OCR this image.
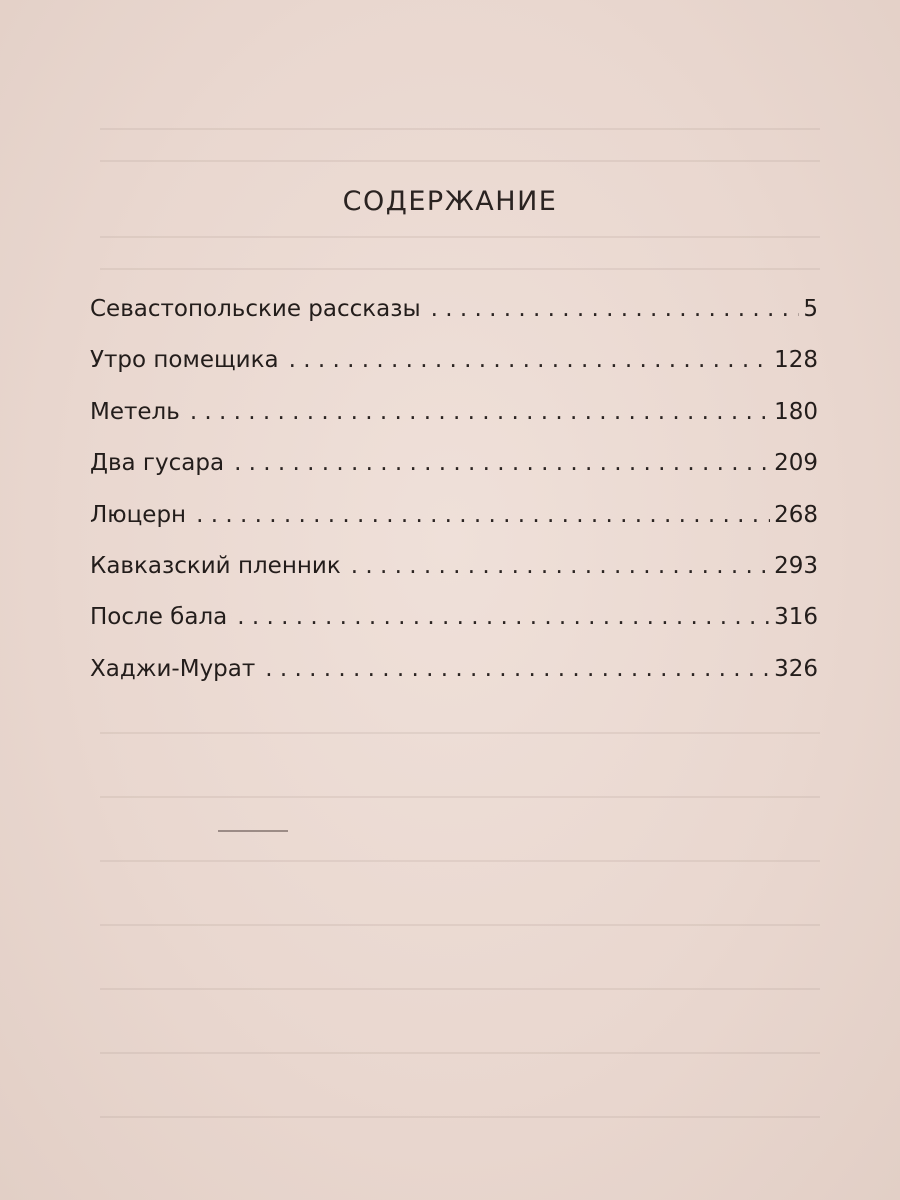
СОДЕРЖАНИЕ
Севастопольские рассказы . . .	5
Утро помещика . . .	128
Метель . . .	180
Два гусара . . .	209
Люцерн . . .	268
Кавказский пленник . . .	293
После бала . . .	316
Хаджи-Мурат . . .	326
